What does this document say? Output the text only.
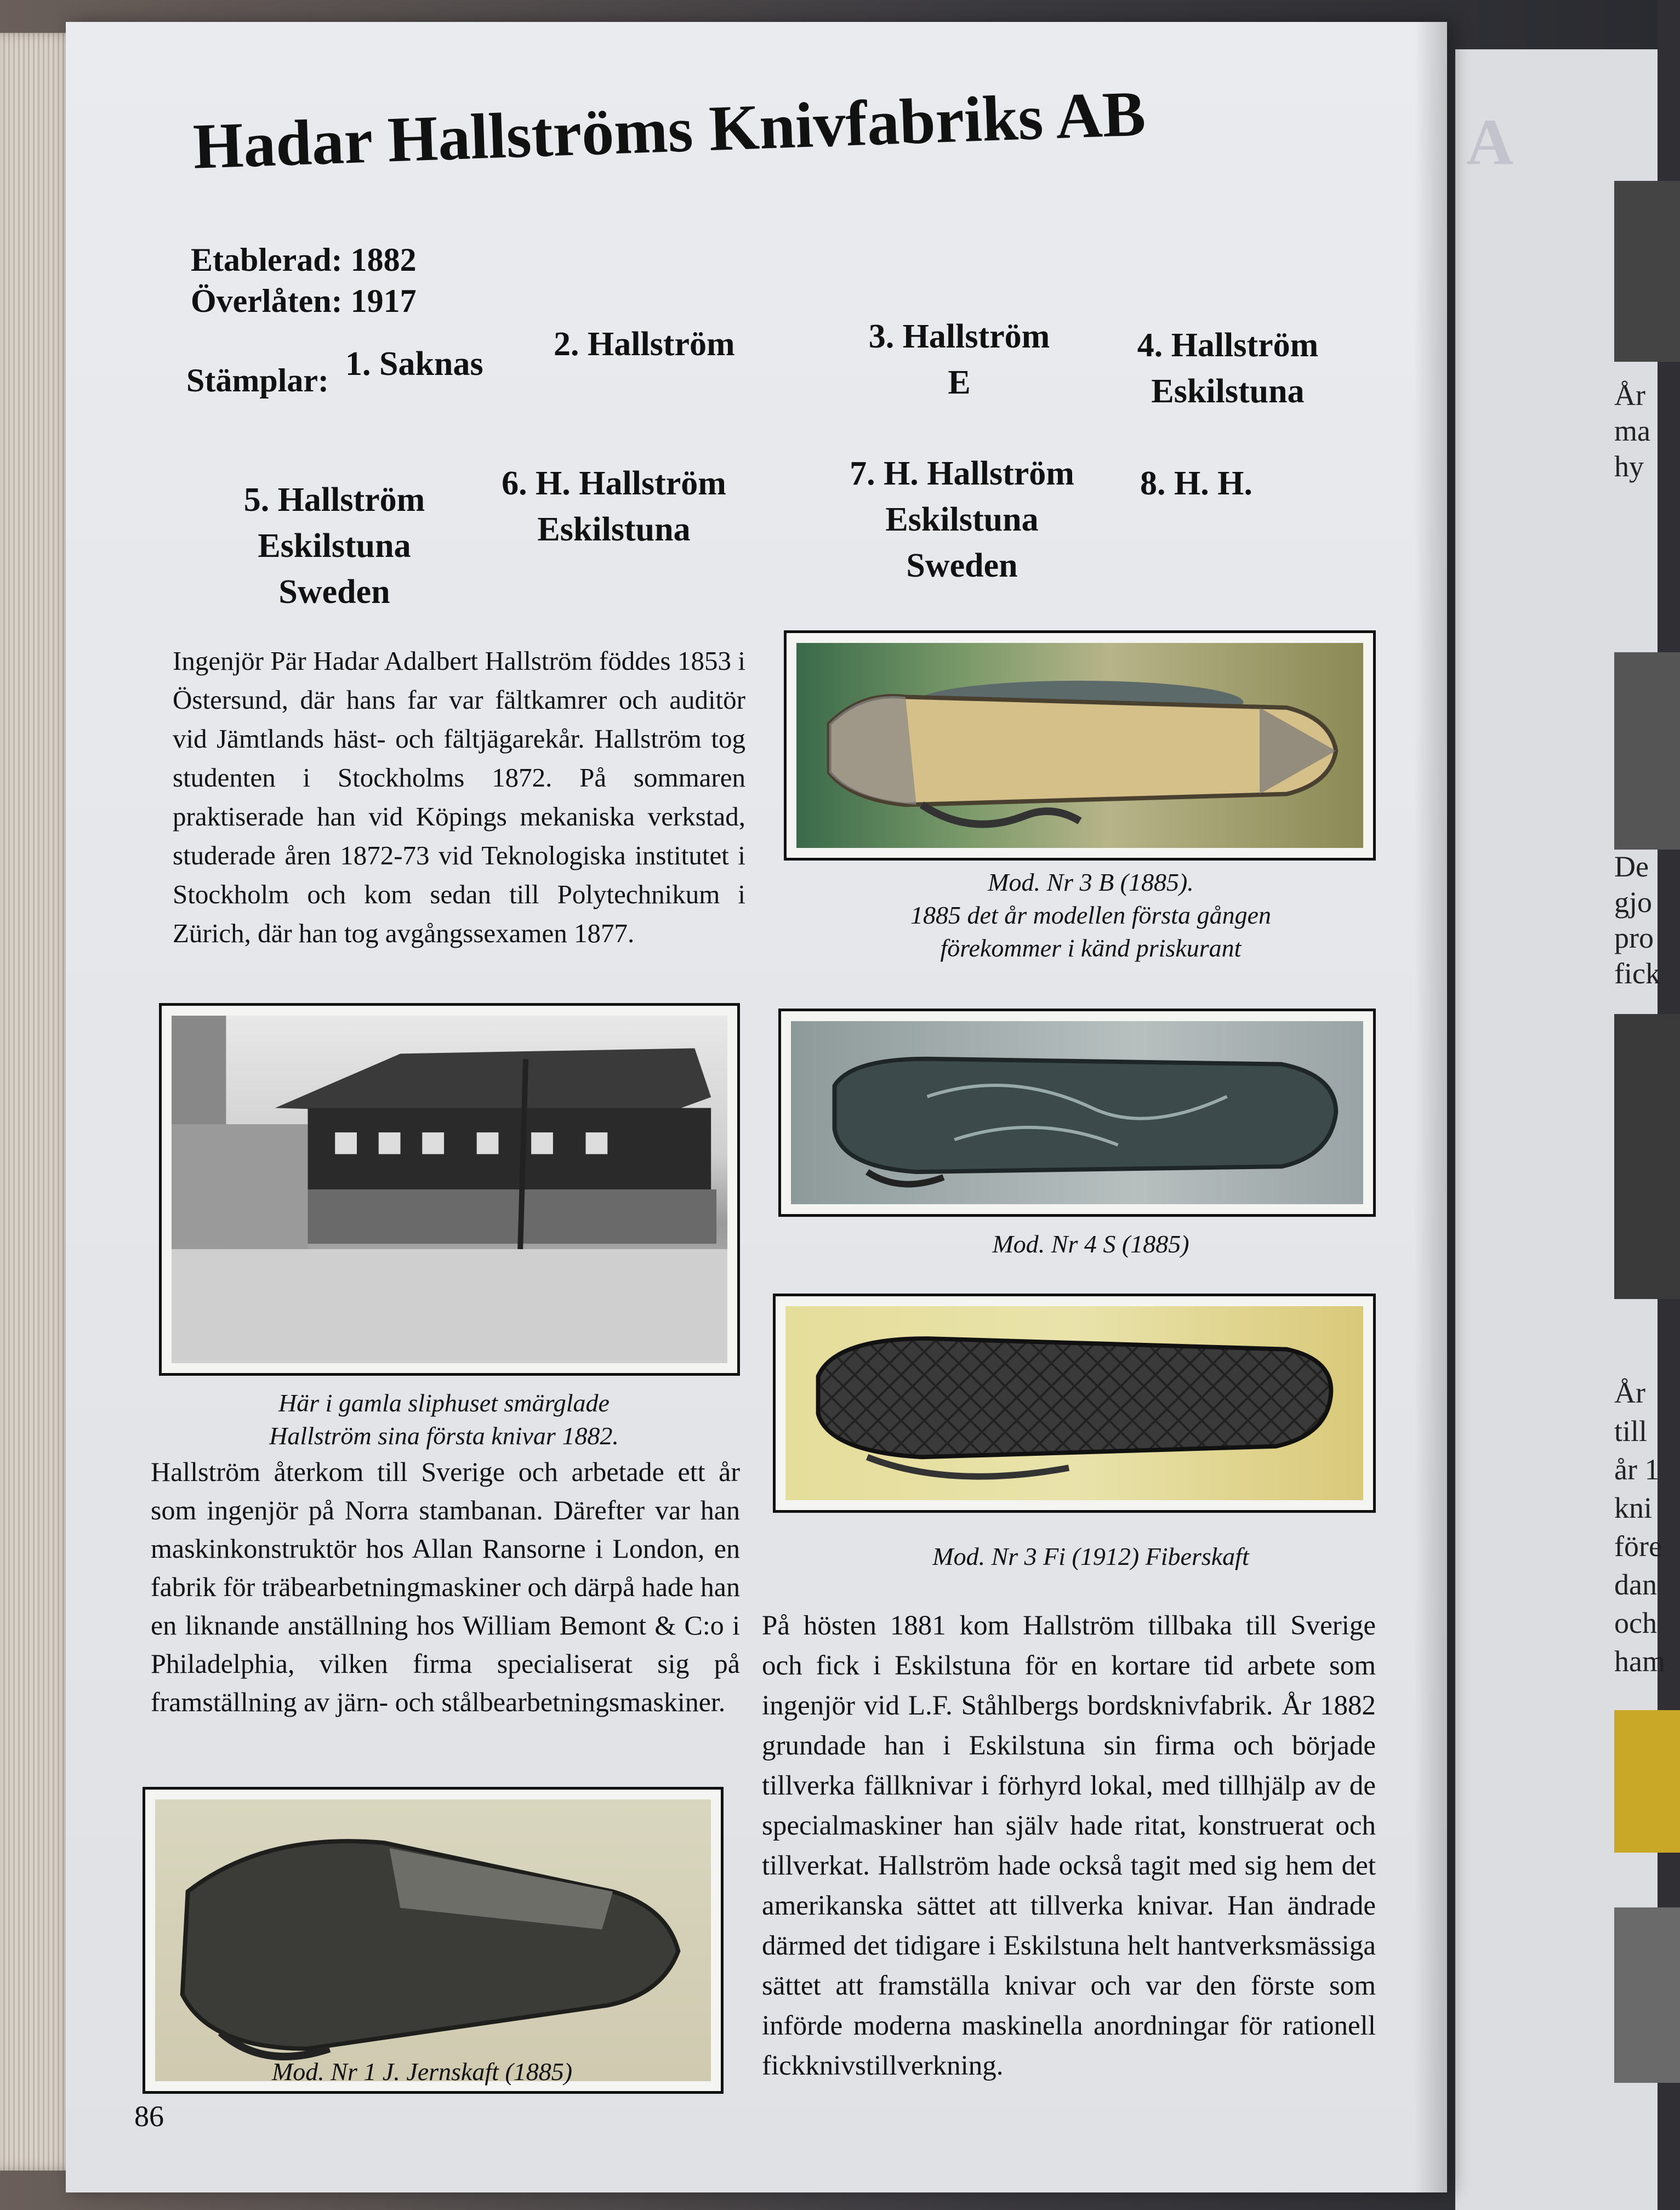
A
År
ma
hy
De
gjo
pro
fick
År
till
år 1
kni
före
dan
och
ham
Hadar Hallströms Knivfabriks AB
Etablerad: 1882
Överlåten: 1917
Stämplar: 1. Saknas
2. Hallström	3. Hallström
E
4. Hallström
Eskilstuna
5. Hallström
Eskilstuna
Sweden
6. H. Hallström
Eskilstuna
7. H. Hallström
Eskilstuna
Sweden
8. H. H.

Ingenjör Pär Hadar Adalbert Hallström föddes 1853 i Östersund, där hans far var fältkamrer och auditör vid Jämtlands häst- och fältjägarekår. Hallström tog studenten i Stockholms 1872. På sommaren praktiserade han vid Köpings mekaniska verkstad, studerade åren 1872-73 vid Teknologiska institutet i Stockholm och kom sedan till Polytechnikum i Zürich, där han tog avgångssexamen 1877.

Mod. Nr 3 B (1885).
1885 det år modellen första gången
förekommer i känd priskurant
Här i gamla sliphuset smärglade
Hallström sina första knivar 1882.
Mod. Nr 4 S (1885)
Mod. Nr 3 Fi (1912) Fiberskaft

Hallström återkom till Sverige och arbetade ett år som ingenjör på Norra stambanan. Därefter var han maskinkonstruktör hos Allan Ransorne i London, en fabrik för träbearbetningmaskiner och därpå hade han en liknande anställning hos William Bemont & C:o i Philadelphia, vilken firma specialiserat sig på framställning av järn- och stålbearbetningsmaskiner.

Mod. Nr 1 J. Jernskaft (1885)

På hösten 1881 kom Hallström tillbaka till Sverige och fick i Eskilstuna för en kortare tid arbete som ingenjör vid L.F. Ståhlbergs bordsknivfabrik. År 1882 grundade han i Eskilstuna sin firma och började tillverka fällknivar i förhyrd lokal, med tillhjälp av de specialmaskiner han själv hade ritat, konstruerat och tillverkat. Hallström hade också tagit med sig hem det amerikanska sättet att tillverka knivar. Han ändrade därmed det tidigare i Eskilstuna helt hantverksmässiga sättet att framställa knivar och var den förste som införde moderna maskinella anordningar för rationell fickknivstillverkning.

86
